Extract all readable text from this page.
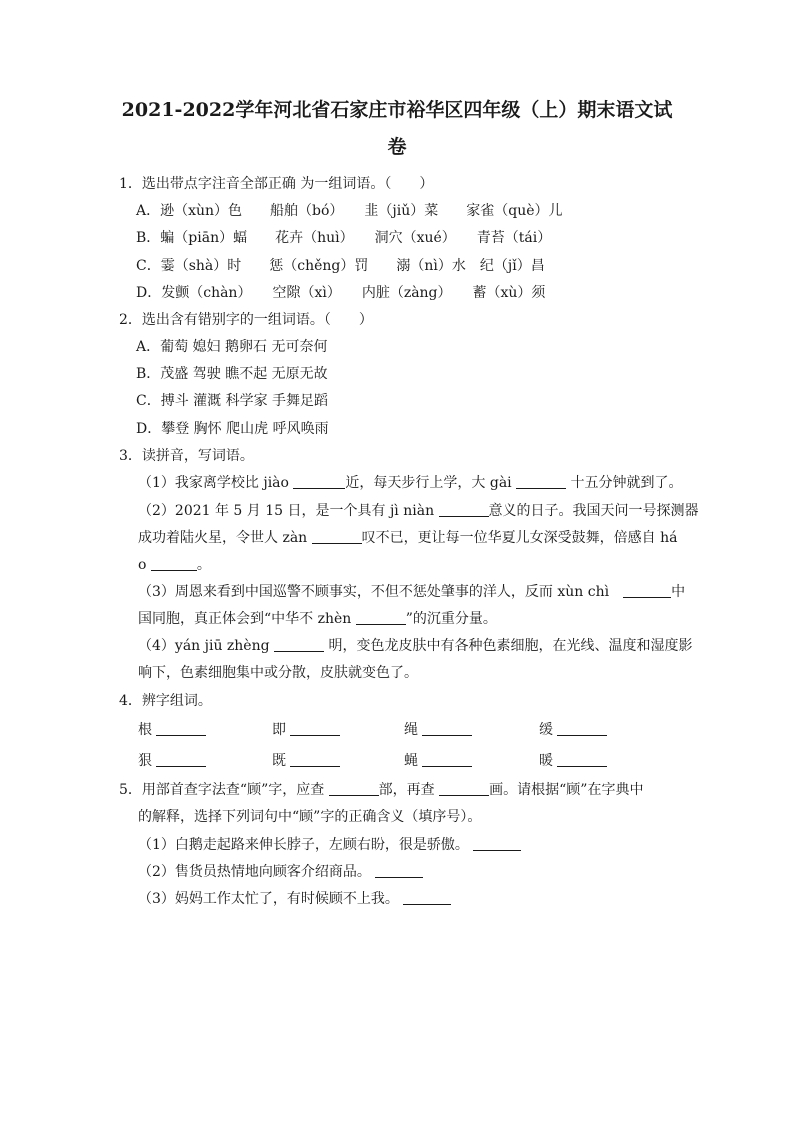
2021-2022学年河北省石家庄市裕华区四年级（上）期末语文试
卷
1．选出带点字注音全部正确 为一组词语。（　　）
A．逊（xùn）色　　船舶（bó）　　韭（jiǔ）菜　　家雀（què）儿
B．蝙（piān）蝠　　花卉（huì）　　洞穴（xué）　　青苔（tái）
C．霎（shà）时　　惩（chěng）罚　　溺（nì）水　纪（jǐ）昌
D．发颤（chàn）　　空隙（xì）　　内脏（zàng）　　蓄（xù）须
2．选出含有错别字的一组词语。（　　）
A．葡萄 媳妇 鹅卵石 无可奈何
B．茂盛 驾驶 瞧不起 无原无故
C．搏斗 灌溉 科学家 手舞足蹈
D．攀登 胸怀 爬山虎 呼风唤雨
3．读拼音，写词语。
（1）我家离学校比 jiào	近，每天步行上学，大 gài	十五分钟就到了。
（2）2021 年 5 月 15 日，是一个具有 jì niàn	意义的日子。我国天问一号探测器
成功着陆火星，令世人 zàn	叹不已，更让每一位华夏儿女深受鼓舞，倍感自 há
o	。
（3）周恩来看到中国巡警不顾事实，不但不惩处肇事的洋人，反而 xùn chì　	中
国同胞，真正体会到“中华不 zhèn	”的沉重分量。
（4）yán jiū zhèng	明，变色龙皮肤中有各种色素细胞，在光线、温度和湿度影
响下，色素细胞集中或分散，皮肤就变色了。
4．辨字组词。
根	即	绳	缓
狠	既	蝇	暖
5．用部首查字法查“顾”字，应查	部，再查	画。请根据“顾”在字典中
的解释，选择下列词句中“顾”字的正确含义（填序号）。
（1）白鹅走起路来伸长脖子，左顾右盼，很是骄傲。
（2）售货员热情地向顾客介绍商品。
（3）妈妈工作太忙了，有时候顾不上我。
